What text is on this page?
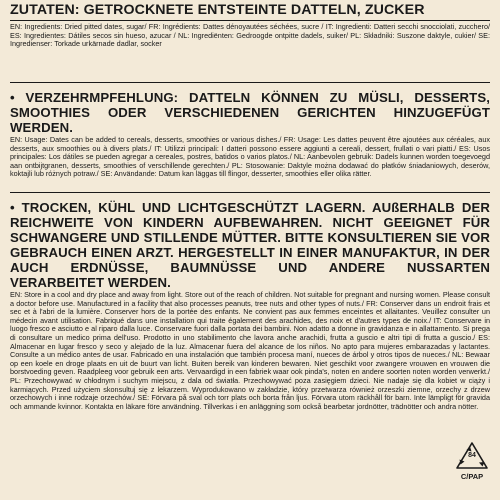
ZUTATEN: GETROCKNETE ENTSTEINTE DATTELN, ZUCKER

EN: Ingredients: Dried pitted dates, sugar/ FR: Ingrédients: Dattes dénoyautées séchées, sucre / IT: Ingredienti: Datteri secchi snocciolati, zucchero/ ES: Ingredientes: Dátiles secos sin hueso, azucar / NL: Ingrediënten: Gedroogde ontpitte dadels, suiker/ PL: Składniki: Suszone daktyle, cukier/ SE: Ingredienser: Torkade urkärnade dadlar, socker

• VERZEHRMPFEHLUNG: DATTELN KÖNNEN ZU MÜSLI, DESSERTS, SMOOTHIES ODER VERSCHIEDENEN GERICHTEN HINZUGEFÜGT WERDEN.

EN: Usage: Dates can be added to cereals, desserts, smoothies or various dishes./ FR: Usage: Les dattes peuvent être ajoutées aux céréales, aux desserts, aux smoothies ou à divers plats./ IT: Utilizzi principali: I datteri possono essere aggiunti a cereali, dessert, frullati o vari piatti./ ES: Usos principales: Los dátiles se pueden agregar a cereales, postres, batidos o varios platos./ NL: Aanbevolen gebruik: Dadels kunnen worden toegevoegd aan ontbijtgranen, desserts, smoothies of verschillende gerechten./ PL: Stosowanie: Daktyle można dodawać do płatków śniadaniowych, deserów, koktajli lub różnych potraw./ SE: Användande: Datum kan läggas till flingor, desserter, smoothies eller olika rätter.

• TROCKEN, KÜHL UND LICHTGESCHÜTZT LAGERN. AUßERHALB DER REICHWEITE VON KINDERN AUFBEWAHREN. NICHT GEEIGNET FÜR SCHWANGERE UND STILLENDE MÜTTER. BITTE KONSULTIEREN SIE VOR GEBRAUCH EINEN ARZT. HERGESTELLT IN EINER MANUFAKTUR, IN DER AUCH ERDNÜSSE, BAUMNÜSSE UND ANDERE NUSSARTEN VERARBEITET WERDEN.

EN: Store in a cool and dry place and away from light. Store out of the reach of children. Not suitable for pregnant and nursing women. Please consult a doctor before use. Manufactured in a facility that also processes peanuts, tree nuts and other types of nuts./ FR: Conserver dans un endroit frais et sec et à l'abri de la lumière. Conserver hors de la portée des enfants. Ne convient pas aux femmes enceintes et allaitantes. Veuillez consulter un médecin avant utilisation. Fabriqué dans une installation qui traite également des arachides, des noix et d'autres types de noix./ IT: Conservare in luogo fresco e asciutto e al riparo dalla luce. Conservare fuori dalla portata dei bambini. Non adatto a donne in gravidanza e in allattamento. Si prega di consultare un medico prima dell'uso. Prodotto in uno stabilimento che lavora anche arachidi, frutta a guscio e altri tipi di frutta a guscio./ ES: Almacenar en lugar fresco y seco y alejado de la luz. Almacenar fuera del alcance de los niños. No apto para mujeres embarazadas y lactantes. Consulte a un médico antes de usar. Fabricado en una instalación que también procesa maní, nueces de árbol y otros tipos de nueces./ NL: Bewaar op een koele en droge plaats en uit de buurt van licht. Buiten bereik van kinderen bewaren. Niet geschikt voor zwangere vrouwen en vrouwen die borstvoeding geven. Raadpleeg voor gebruik een arts. Vervaardigd in een fabriek waar ook pinda's, noten en andere soorten noten worden verwerkt./ PL: Przechowywać w chłodnym i suchym miejscu, z dala od światła. Przechowywać poza zasięgiem dzieci. Nie nadaje się dla kobiet w ciąży i karmiących. Przed użyciem skonsultuj się z lekarzem. Wyprodukowano w zakładzie, który przetwarza również orzeszki ziemne, orzechy z drzew orzechowych i inne rodzaje orzechów./ SE: Förvara på sval och torr plats och borta från ljus. Förvara utom räckhåll för barn. Inte lämpligt för gravida och ammande kvinnor. Kontakta en läkare före användning. Tillverkas i en anläggning som också bearbetar jordnötter, trädnötter och andra nötter.

84
C/PAP
